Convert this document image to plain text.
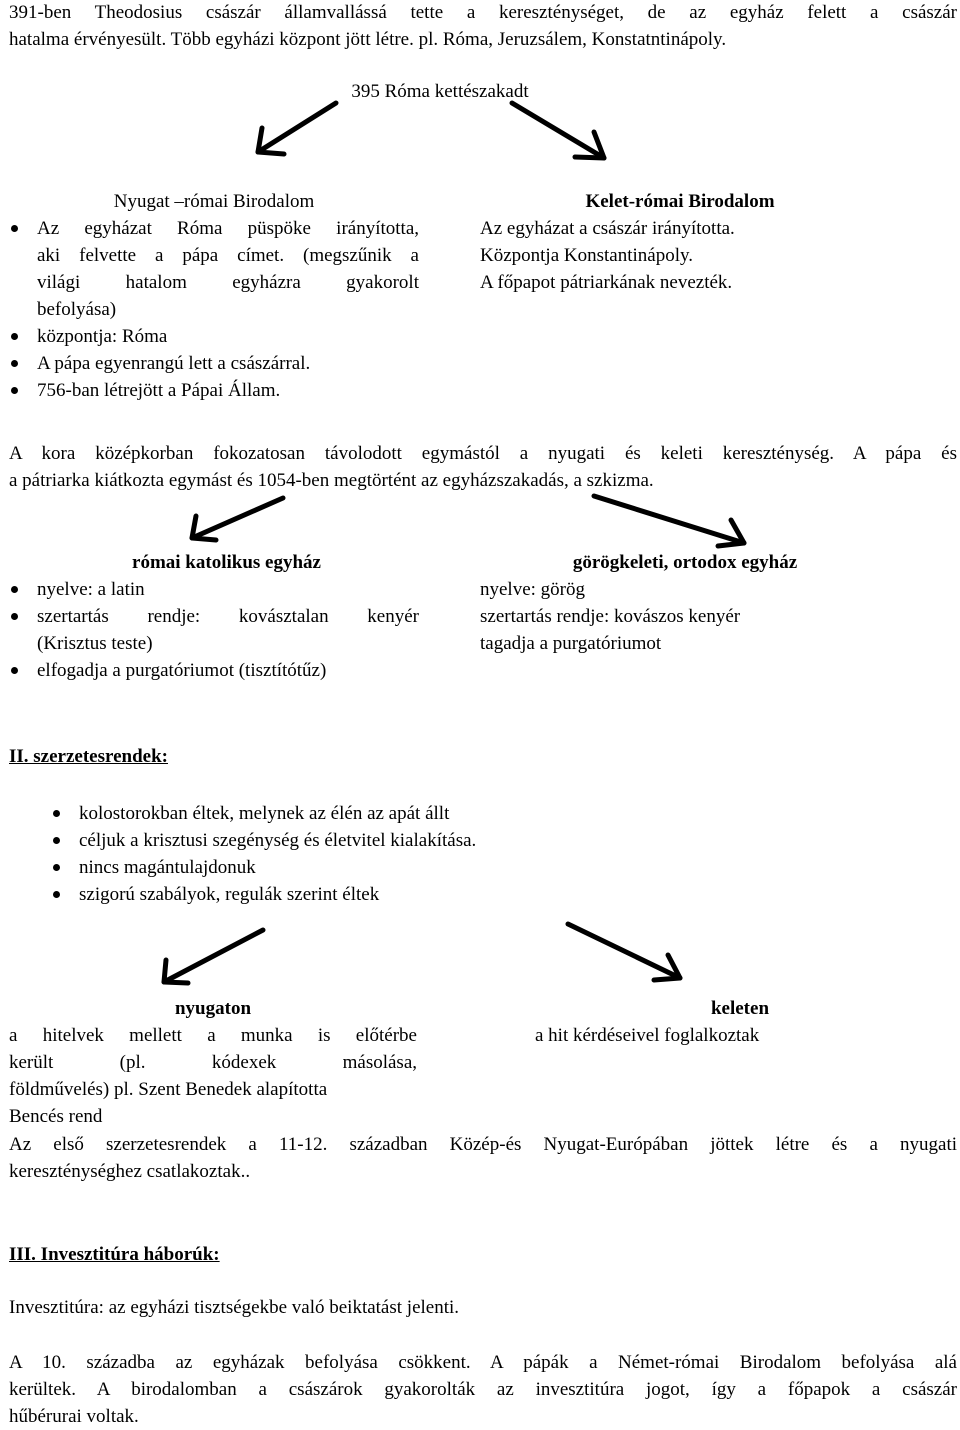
391-ben Theodosius császár államvallássá tette a kereszténységet, de az egyház felett a császár
hatalma érvényesült. Több egyházi központ jött létre. pl. Róma, Jeruzsálem, Konstatntinápoly.
395 Róma kettészakadt
Nyugat –római Birodalom
Az egyházat Róma püspöke irányította,
aki felvette a pápa címet. (megszűnik a
világi hatalom egyházra gyakorolt
befolyása)
központja: Róma
A pápa egyenrangú lett a császárral.
756-ban létrejött a Pápai Állam.
Kelet-római Birodalom
Az egyházat a császár irányította.
Központja Konstantinápoly.
A főpapot pátriarkának nevezték.
A kora középkorban fokozatosan távolodott egymástól a nyugati és keleti kereszténység. A pápa és
a pátriarka kiátkozta egymást és 1054-ben megtörtént az egyházszakadás, a szkizma.
római katolikus egyház
nyelve: a latin
szertartás rendje: kovásztalan kenyér
(Krisztus teste)
elfogadja a purgatóriumot (tisztítótűz)
görögkeleti, ortodox egyház
nyelve: görög
szertartás rendje: kovászos kenyér
tagadja a purgatóriumot
II. szerzetesrendek:
kolostorokban éltek, melynek az élén az apát állt
céljuk a krisztusi szegénység és életvitel kialakítása.
nincs magántulajdonuk
szigorú szabályok, regulák szerint éltek
nyugaton
a hitelvek mellett a munka is előtérbe
került (pl. kódexek másolása,
földművelés) pl. Szent Benedek alapította
Bencés rend
keleten
a hit kérdéseivel foglalkoztak
Az első szerzetesrendek a 11-12. században Közép-és Nyugat-Európában jöttek létre és a nyugati
kereszténységhez csatlakoztak..
III. Invesztitúra háborúk:
Invesztitúra: az egyházi tisztségekbe való beiktatást jelenti.
A 10. századba az egyházak befolyása csökkent. A pápák a Német-római Birodalom befolyása alá
kerültek. A birodalomban a császárok gyakorolták az invesztitúra jogot, így a főpapok a császár
hűbérurai voltak.
